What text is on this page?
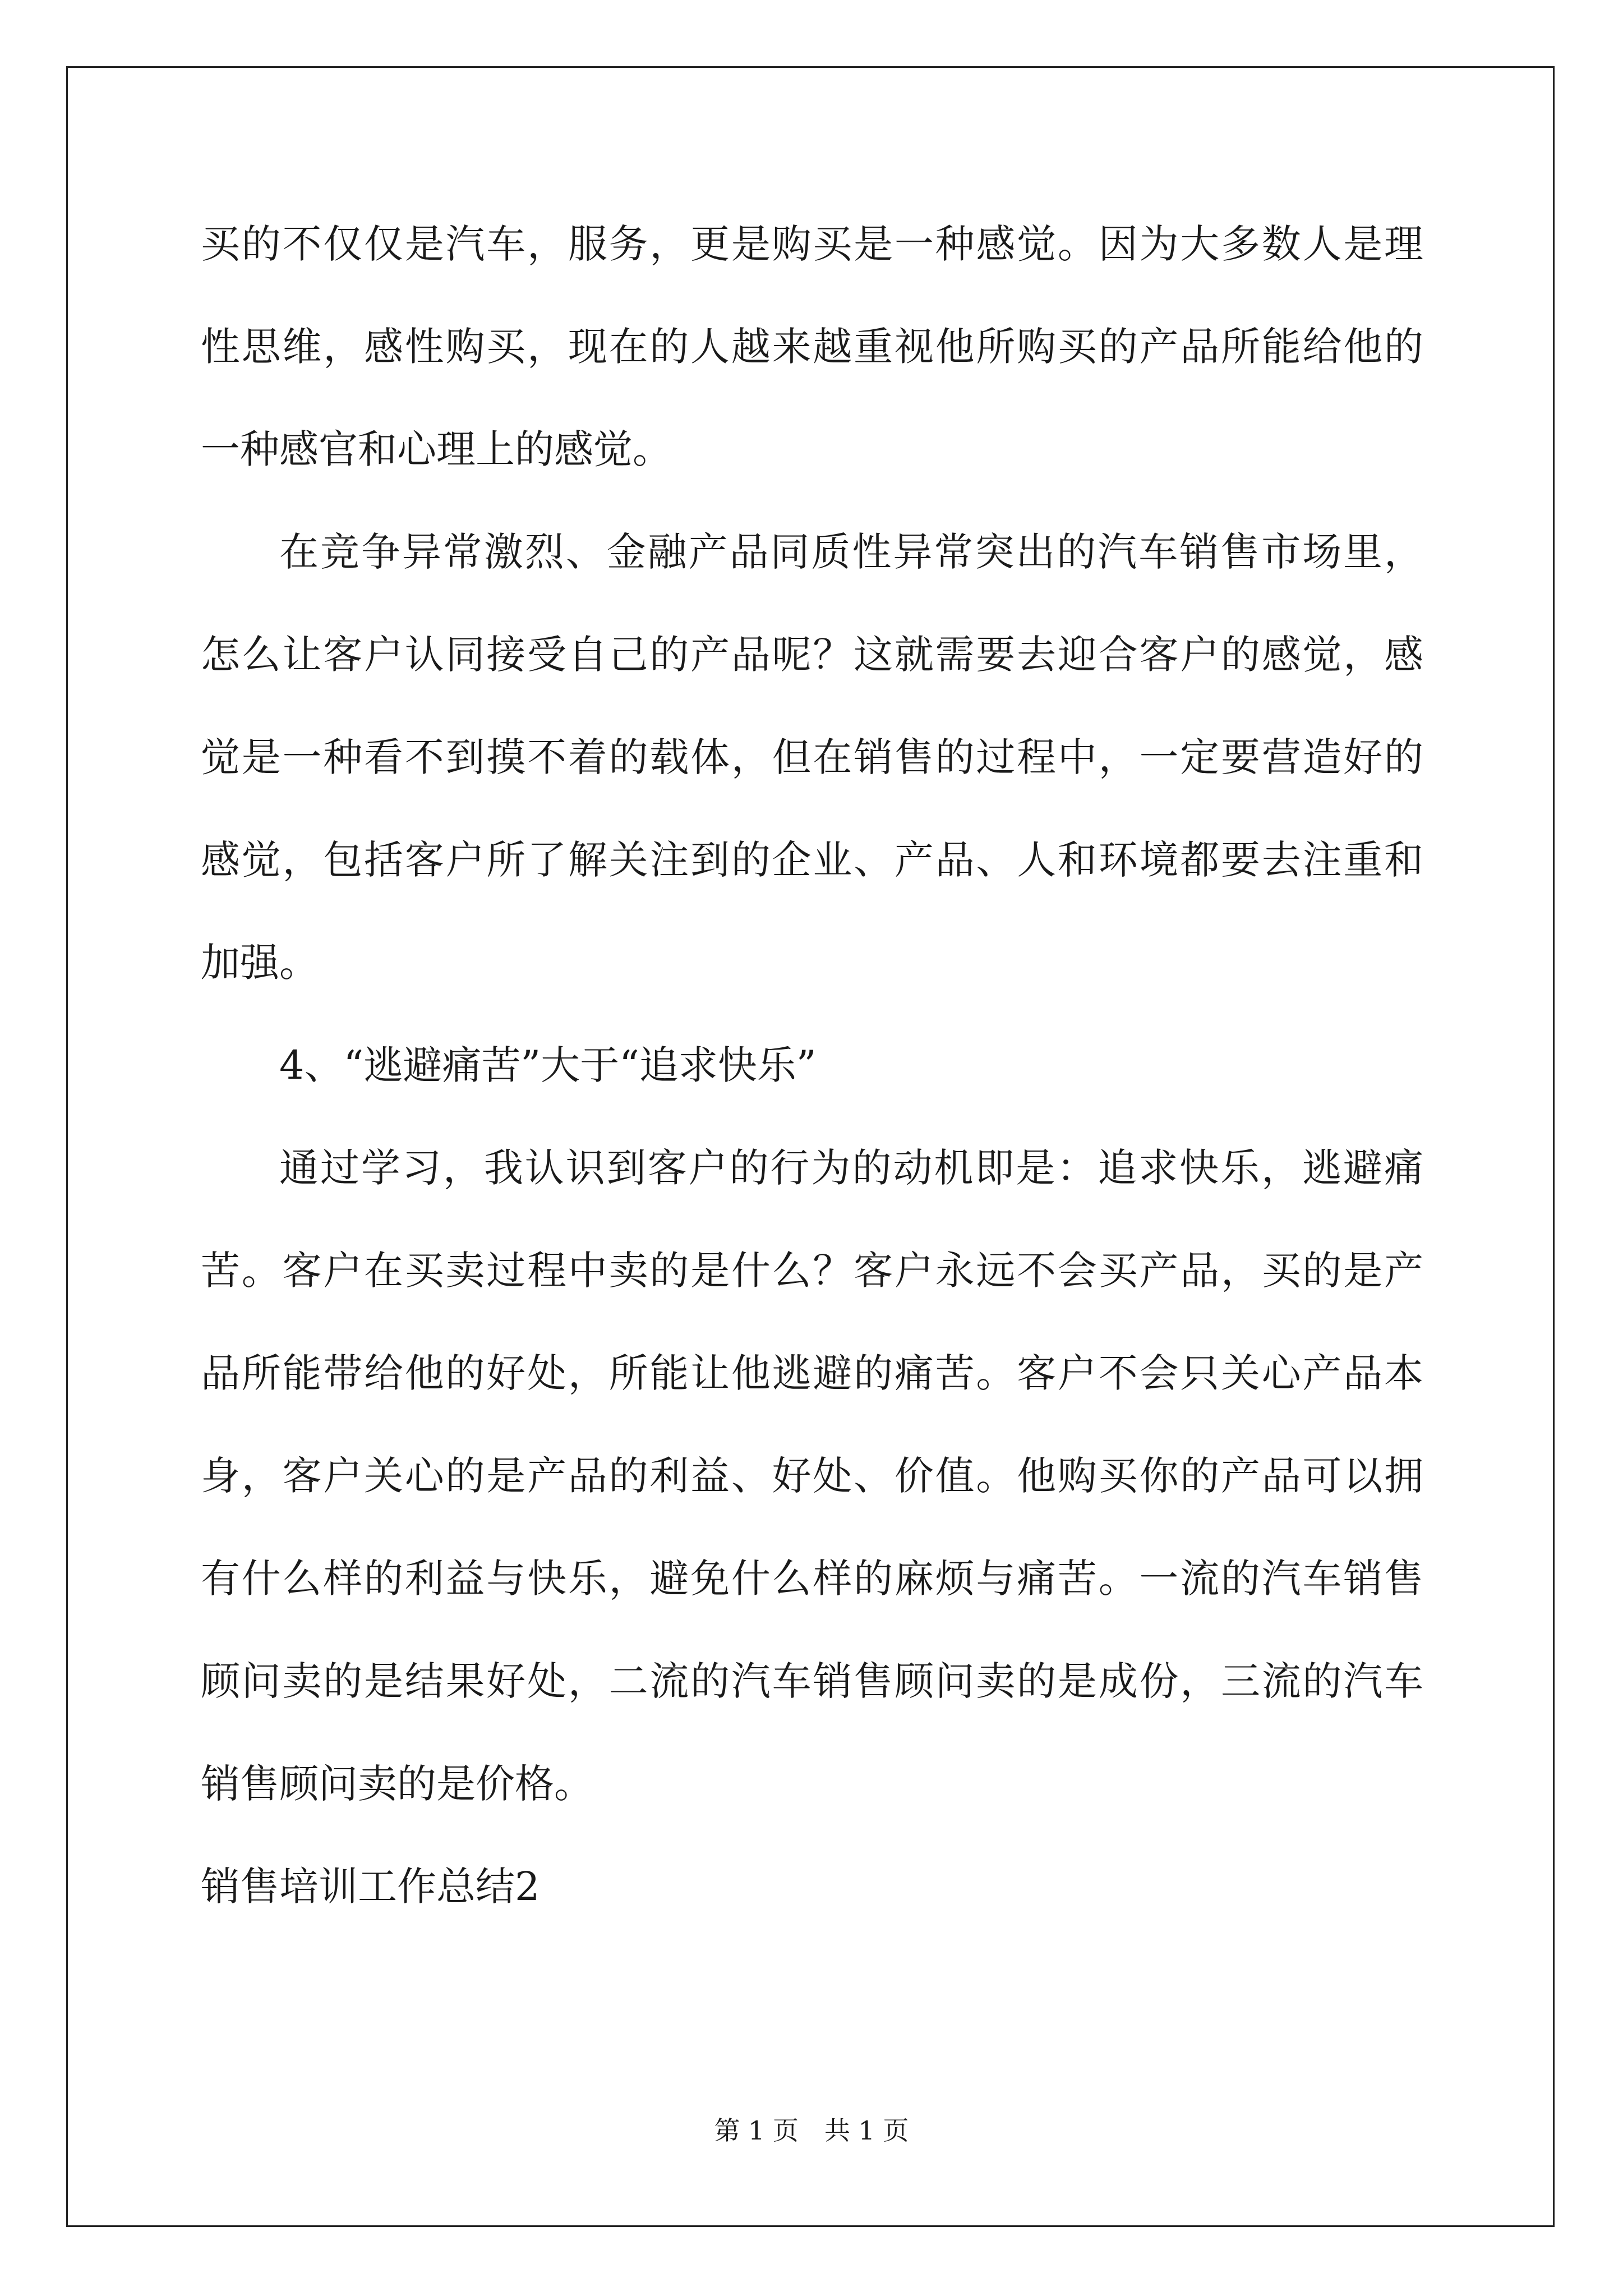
买的不仅仅是汽车，服务，更是购买是一种感觉。因为大多数人是理
性思维，感性购买，现在的人越来越重视他所购买的产品所能给他的
一种感官和心理上的感觉。
在竞争异常激烈、金融产品同质性异常突出的汽车销售市场里，
怎么让客户认同接受自己的产品呢？这就需要去迎合客户的感觉，感
觉是一种看不到摸不着的载体，但在销售的过程中，一定要营造好的
感觉，包括客户所了解关注到的企业、产品、人和环境都要去注重和
加强。
4、“逃避痛苦”大于“追求快乐”
通过学习，我认识到客户的行为的动机即是：追求快乐，逃避痛
苦。客户在买卖过程中卖的是什么？客户永远不会买产品，买的是产
品所能带给他的好处，所能让他逃避的痛苦。客户不会只关心产品本
身，客户关心的是产品的利益、好处、价值。他购买你的产品可以拥
有什么样的利益与快乐，避免什么样的麻烦与痛苦。一流的汽车销售
顾问卖的是结果好处，二流的汽车销售顾问卖的是成份，三流的汽车
销售顾问卖的是价格。
销售培训工作总结2
第 1 页　共 1 页
